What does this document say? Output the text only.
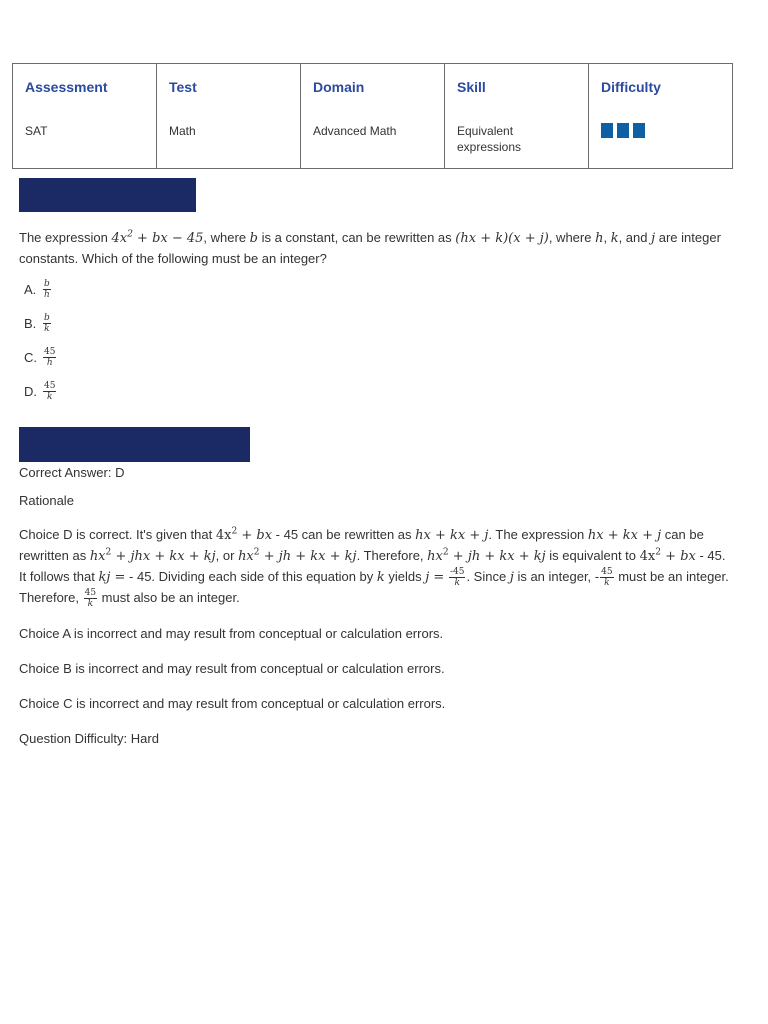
Assessment
SAT
Test
Math
Domain
Advanced Math
Skill
Equivalent expressions
Difficulty
The expression $4x^2$ + bx − 45, where b is a constant, can be rewritten as (hx + k)(x + j), where h, k, and j are integer constants. Which of the following must be an integer?
A. $\frac{b}{h}$
B. $\frac{b}{k}$
C. $\frac{45}{h}$
D. $\frac{45}{k}$
Correct Answer: D
Rationale
Choice D is correct. It's given that $4x^2$ + bx - 45 can be rewritten as hx + kx + j. The expression hx + kx + j can be rewritten as $hx^2$ + jhx + kx + kj, or $hx^2$ + jh + kx + kj. Therefore, $hx^2$ + jh + kx + kj is equivalent to $4x^2$ + bx - 45. It follows that kj = - 45. Dividing each side of this equation by k yields $j = \frac{-45}{k}$ . Since j is an integer, - $\frac{45}{k}$ must be an integer. Therefore, $\frac{45}{k}$ must also be an integer.
Choice A is incorrect and may result from conceptual or calculation errors.
Choice B is incorrect and may result from conceptual or calculation errors.
Choice C is incorrect and may result from conceptual or calculation errors.
Question Difficulty: Hard
